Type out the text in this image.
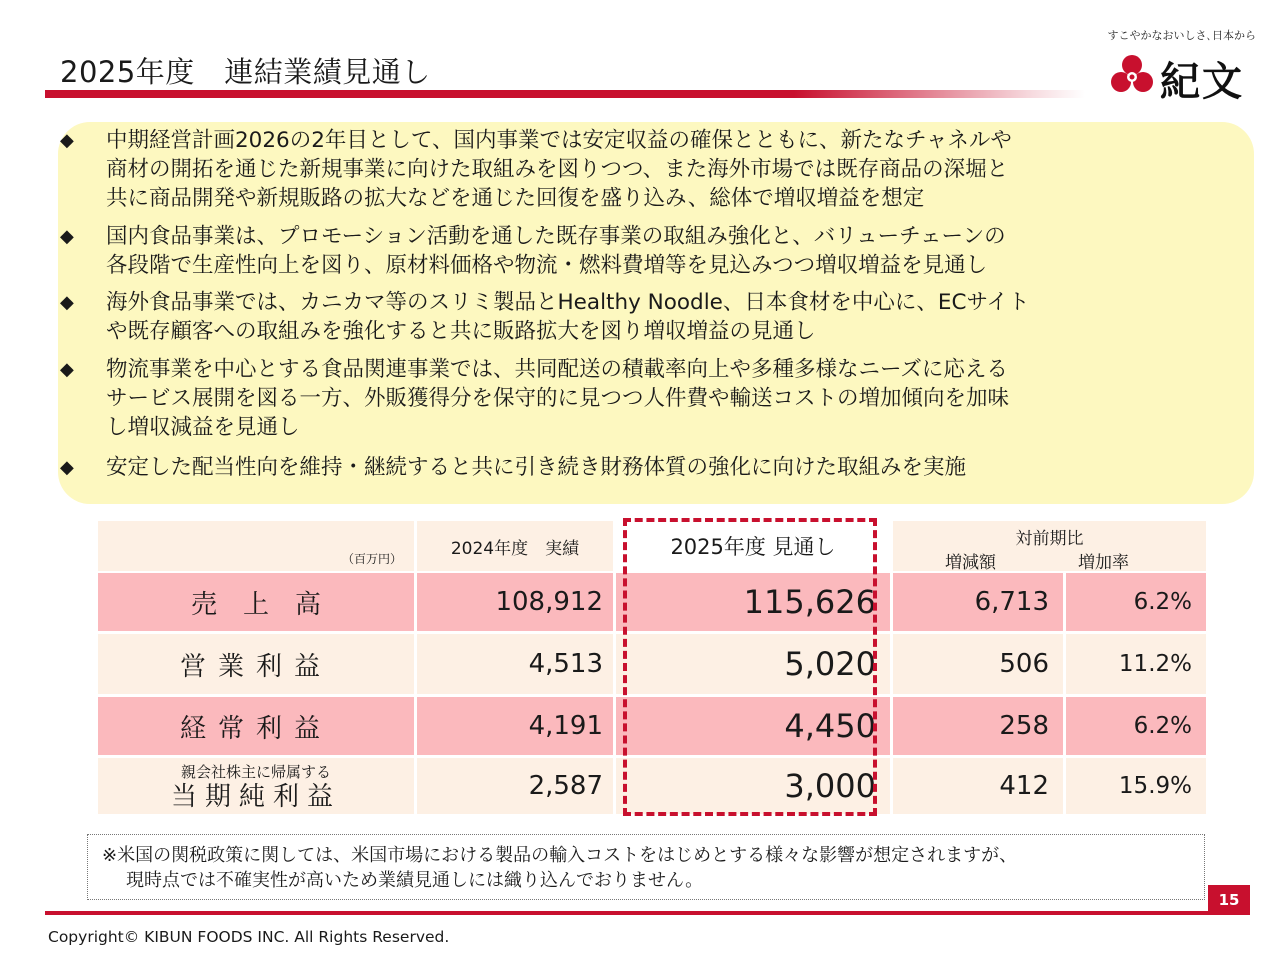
2025年度　連結業績見通し
すこやかなおいしさ､日本から
紀文
◆ 中期経営計画2026の2年目として、国内事業では安定収益の確保とともに、新たなチャネルや
商材の開拓を通じた新規事業に向けた取組みを図りつつ、また海外市場では既存商品の深堀と
共に商品開発や新規販路の拡大などを通じた回復を盛り込み、総体で増収増益を想定
◆ 国内食品事業は、プロモーション活動を通した既存事業の取組み強化と、バリューチェーンの
各段階で生産性向上を図り、原材料価格や物流・燃料費増等を見込みつつ増収増益を見通し
◆ 海外食品事業では、カニカマ等のスリミ製品とHealthy Noodle、日本食材を中心に、ECサイト
や既存顧客への取組みを強化すると共に販路拡大を図り増収増益の見通し
◆ 物流事業を中心とする食品関連事業では、共同配送の積載率向上や多種多様なニーズに応える
サービス展開を図る一方、外販獲得分を保守的に見つつ人件費や輸送コストの増加傾向を加味
し増収減益を見通し
◆ 安定した配当性向を維持・継続すると共に引き続き財務体質の強化に向けた取組みを実施
（百万円）
2024年度　実績	2025年度 見通し	対前期比
増減額	増加率
売上高	108,912	115,626	6,713	6.2%
営業利益	4,513	5,020	506	11.2%
経常利益	4,191	4,450	258	6.2%
親会社株主に帰属する
当期純利益	2,587	3,000	412	15.9%
※米国の関税政策に関しては、米国市場における製品の輸入コストをはじめとする様々な影響が想定されますが、
現時点では不確実性が高いため業績見通しには織り込んでおりません。
15
Copyright© KIBUN FOODS INC. All Rights Reserved.
